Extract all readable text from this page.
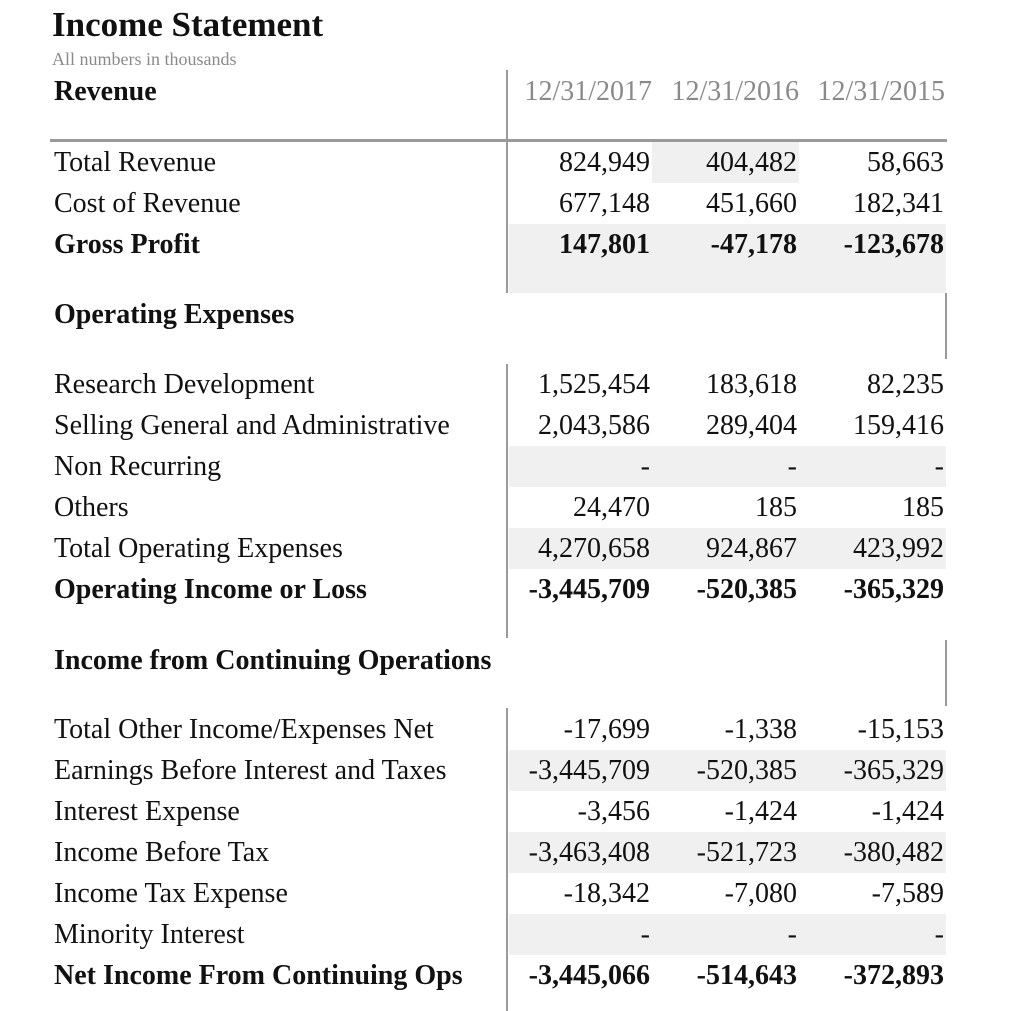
Income Statement
All numbers in thousands
Revenue	12/31/2017 12/31/2016 12/31/2015
Total Revenue	824,949	404,482	58,663
Cost of Revenue	677,148	451,660	182,341
Gross Profit	147,801	-47,178	-123,678
Operating Expenses
Research Development	1,525,454	183,618	82,235
Selling General and Administrative	2,043,586	289,404	159,416
Non Recurring	-	-	-
Others	24,470	185	185
Total Operating Expenses	4,270,658	924,867	423,992
Operating Income or Loss	-3,445,709	-520,385	-365,329
Income from Continuing Operations
Total Other Income/Expenses Net	-17,699	-1,338	-15,153
Earnings Before Interest and Taxes	-3,445,709	-520,385	-365,329
Interest Expense	-3,456	-1,424	-1,424
Income Before Tax	-3,463,408	-521,723	-380,482
Income Tax Expense	-18,342	-7,080	-7,589
Minority Interest	-	-	-
Net Income From Continuing Ops	-3,445,066	-514,643	-372,893
